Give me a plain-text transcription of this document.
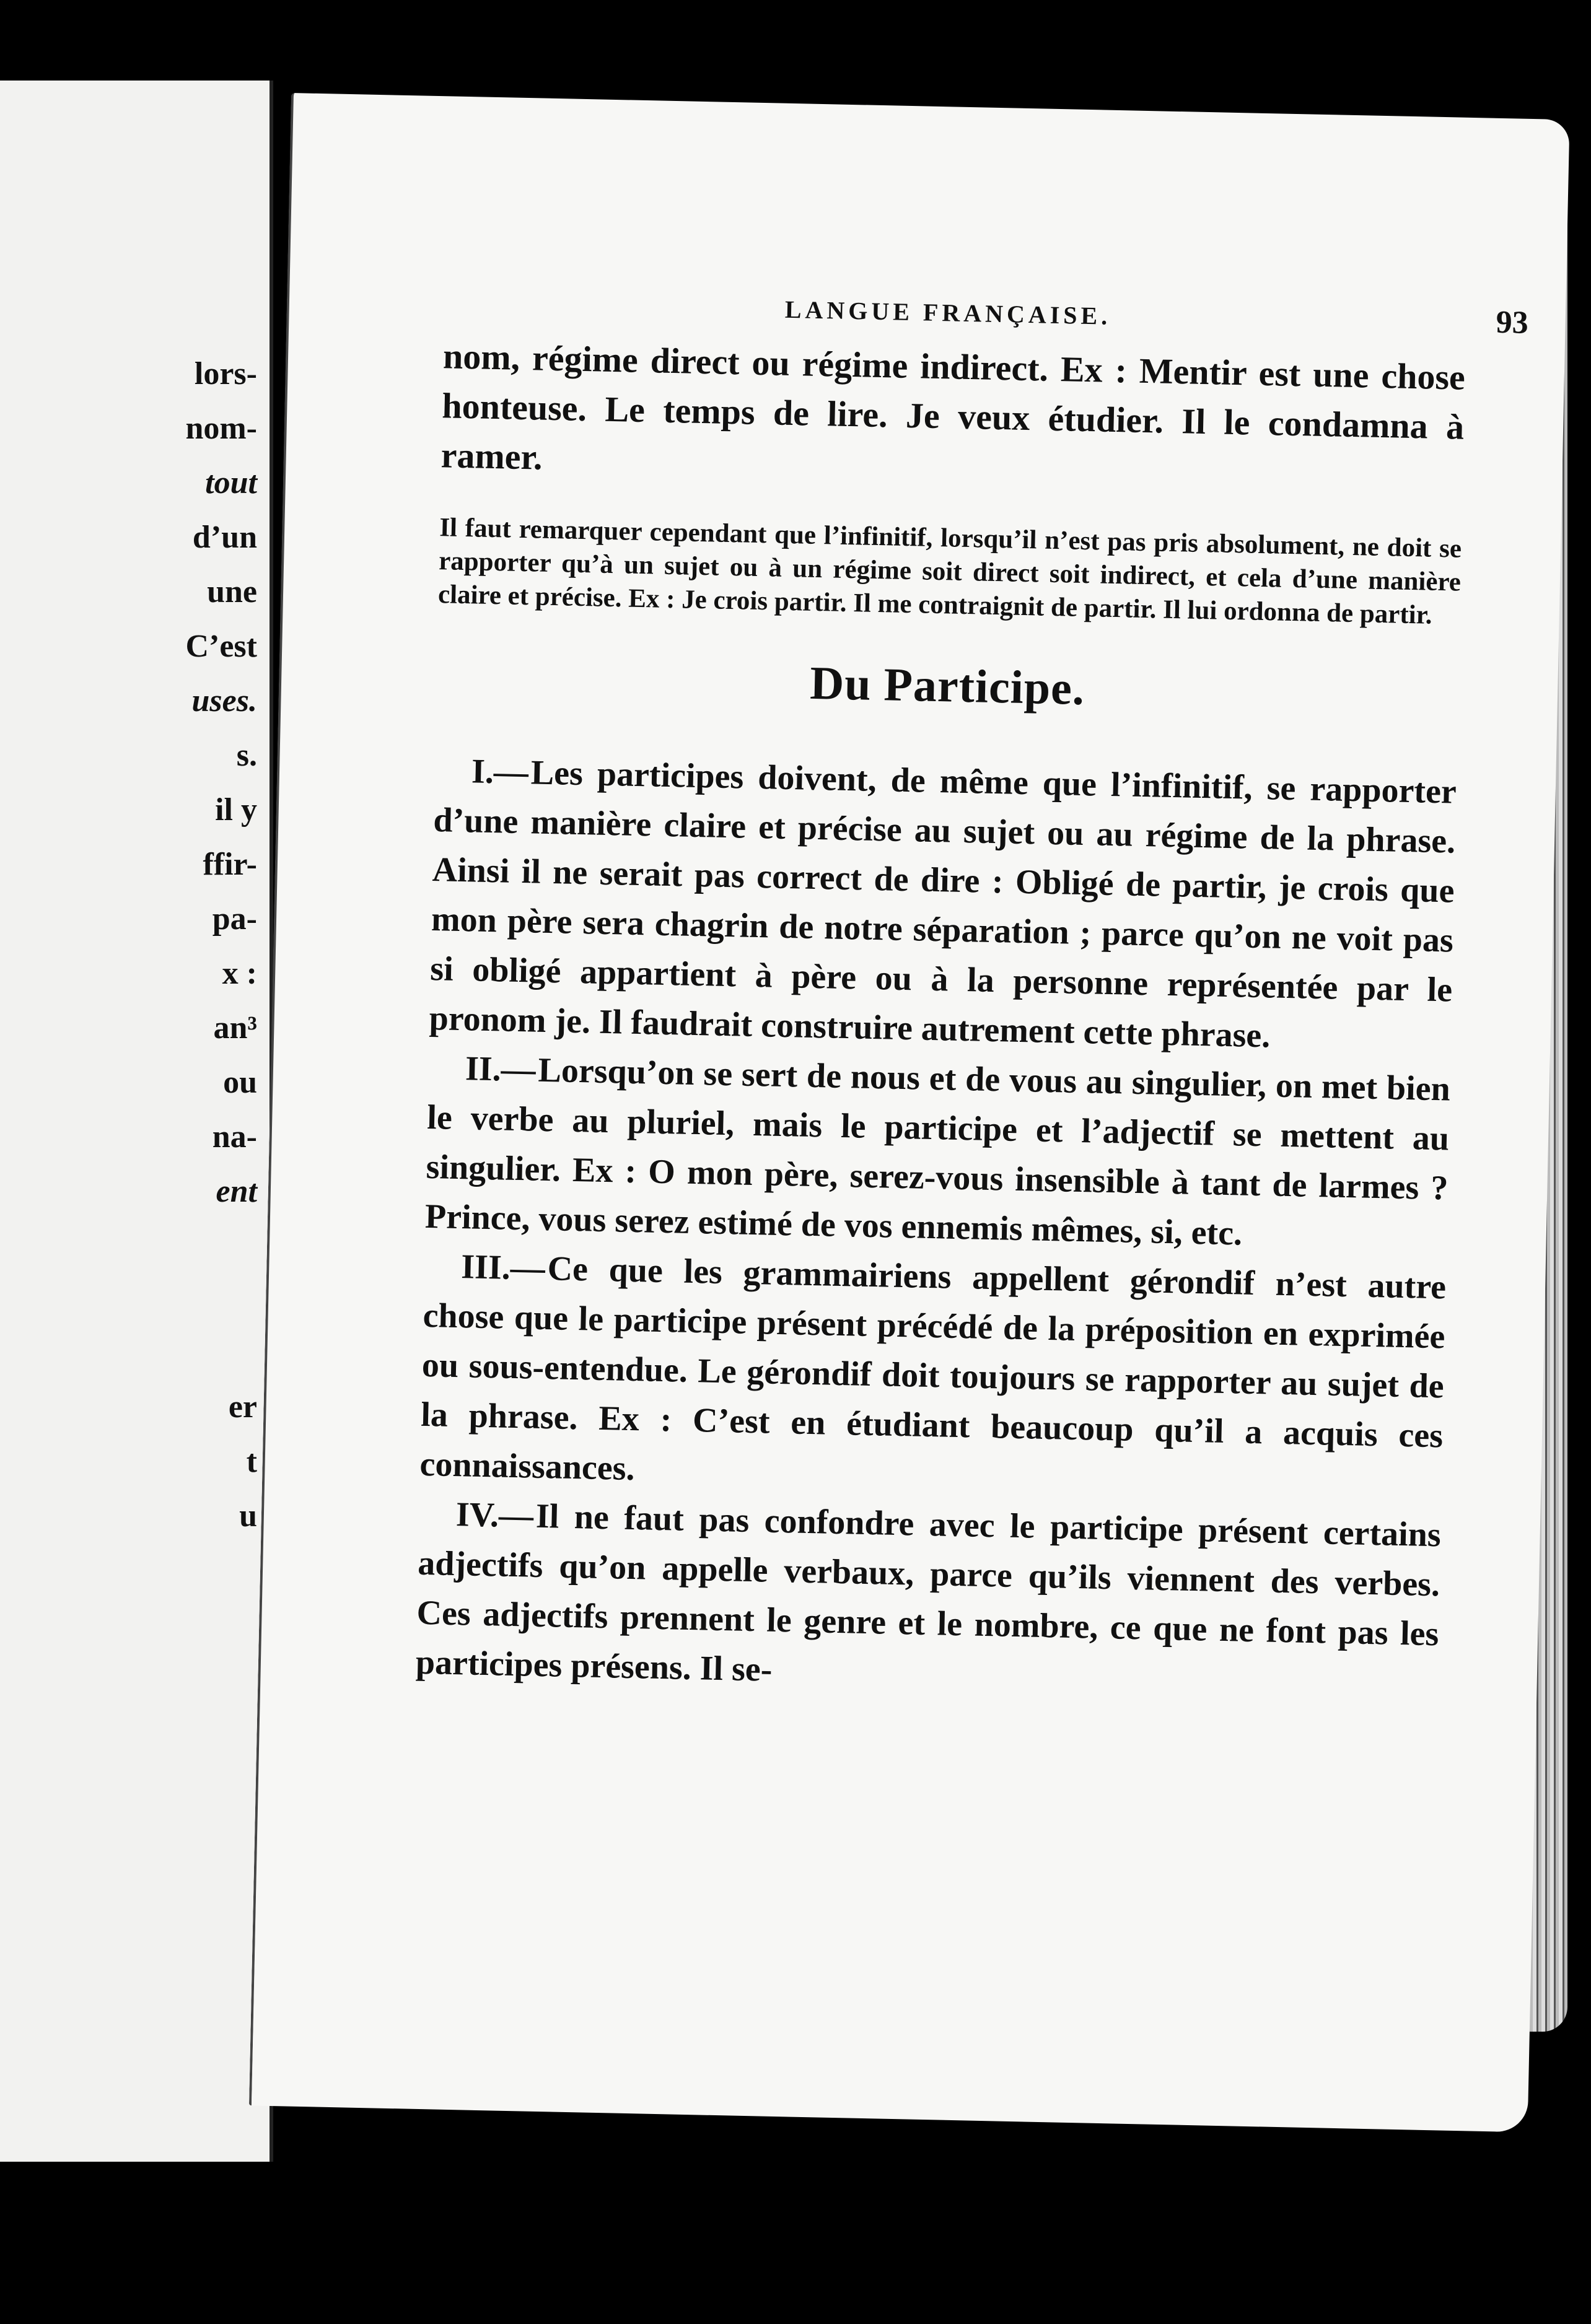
lors-
nom-
tout
d’un
une
C’est
uses.
s.
il y
ffir-
pa-
x :
an³
ou
na-
ent
er
t
u
LANGUE FRANÇAISE.	93

nom, régime direct ou régime indirect. Ex : Mentir est une chose honteuse. Le temps de lire. Je veux étudier. Il le condamna à ramer.

Il faut remarquer cependant que l’infinitif, lorsqu’il n’est pas pris absolument, ne doit se rapporter qu’à un sujet ou à un régime soit direct soit indirect, et cela d’une manière claire et précise. Ex : Je crois partir. Il me contraignit de partir. Il lui ordonna de partir.

Du Participe.

I.—Les participes doivent, de même que l’infinitif, se rapporter d’une manière claire et précise au sujet ou au régime de la phrase. Ainsi il ne serait pas correct de dire : Obligé de partir, je crois que mon père sera chagrin de notre séparation ; parce qu’on ne voit pas si obligé appartient à père ou à la personne représentée par le pronom je. Il faudrait construire autrement cette phrase.

II.—Lorsqu’on se sert de nous et de vous au singulier, on met bien le verbe au pluriel, mais le participe et l’adjectif se mettent au singulier. Ex : O mon père, serez-vous insensible à tant de larmes ? Prince, vous serez estimé de vos ennemis mêmes, si, etc.

III.—Ce que les grammairiens appellent gérondif n’est autre chose que le participe présent précédé de la préposition en exprimée ou sous-entendue. Le gérondif doit toujours se rapporter au sujet de la phrase. Ex : C’est en étudiant beaucoup qu’il a acquis ces connaissances.

IV.—Il ne faut pas confondre avec le participe présent certains adjectifs qu’on appelle verbaux, parce qu’ils viennent des verbes. Ces adjectifs prennent le genre et le nombre, ce que ne font pas les participes présens. Il se-
